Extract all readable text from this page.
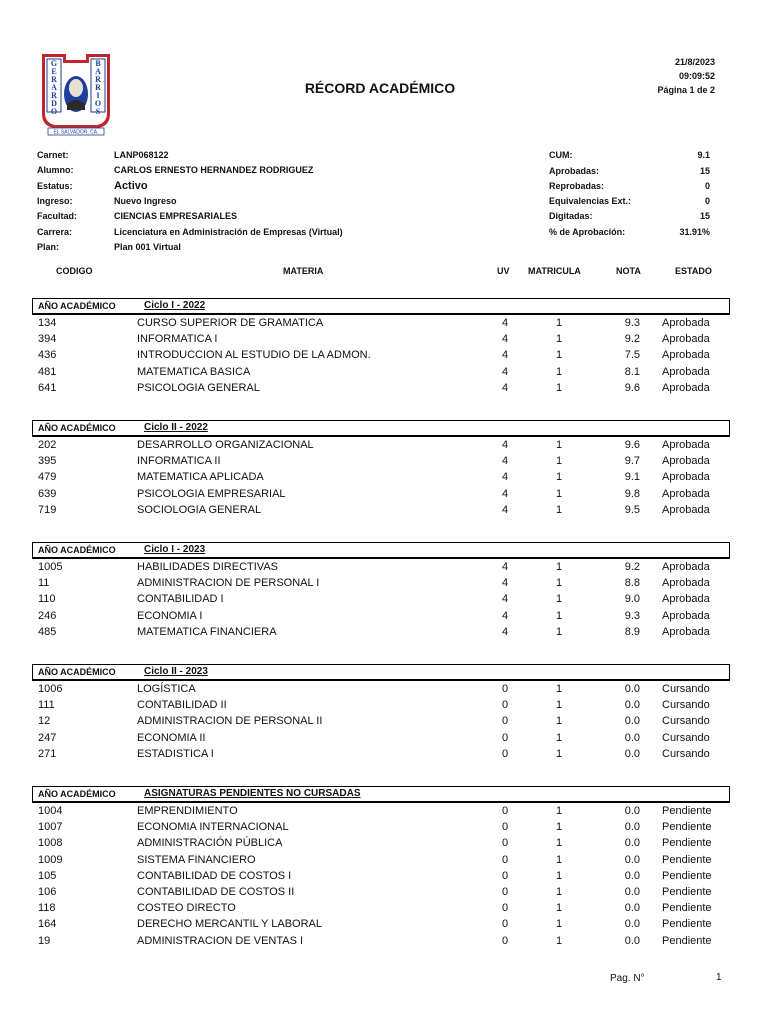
G
E
R
A
R
D
O
B
A
R
R
I
O
S
EL SALVADOR, CA.
RÉCORD ACADÉMICO
21/8/2023
09:09:52
Página 1 de 2
Carnet:	LANP068122
Alumno:	CARLOS ERNESTO HERNANDEZ RODRIGUEZ
Estatus:	Activo
Ingreso:	Nuevo Ingreso
Facultad:	CIENCIAS EMPRESARIALES
Carrera:	Licenciatura en Administración de Empresas (Virtual)
Plan:	Plan 001 Virtual
CUM:	9.1
Aprobadas:	15
Reprobadas:	0
Equivalencias Ext.:	0
Digitadas:	15
% de Aprobación:	31.91%
CODIGO	MATERIA	UV MATRICULA	NOTA	ESTADO
AÑO ACADÉMICO	Ciclo I - 2022
134	CURSO SUPERIOR DE GRAMATICA	4	1	9.3 Aprobada
394	INFORMATICA I	4	1	9.2 Aprobada
436	INTRODUCCION AL ESTUDIO DE LA ADMON.	4	1	7.5 Aprobada
481	MATEMATICA BASICA	4	1	8.1 Aprobada
641	PSICOLOGIA GENERAL	4	1	9.6 Aprobada
AÑO ACADÉMICO	Ciclo II - 2022
202	DESARROLLO ORGANIZACIONAL	4	1	9.6 Aprobada
395	INFORMATICA II	4	1	9.7 Aprobada
479	MATEMATICA APLICADA	4	1	9.1 Aprobada
639	PSICOLOGIA EMPRESARIAL	4	1	9.8 Aprobada
719	SOCIOLOGIA GENERAL	4	1	9.5 Aprobada
AÑO ACADÉMICO	Ciclo I - 2023
1005	HABILIDADES DIRECTIVAS	4	1	9.2 Aprobada
11	ADMINISTRACION DE PERSONAL I	4	1	8.8 Aprobada
110	CONTABILIDAD I	4	1	9.0 Aprobada
246	ECONOMIA I	4	1	9.3 Aprobada
485	MATEMATICA FINANCIERA	4	1	8.9 Aprobada
AÑO ACADÉMICO	Ciclo II - 2023
1006	LOGÍSTICA	0	1	0.0 Cursando
111	CONTABILIDAD II	0	1	0.0 Cursando
12	ADMINISTRACION DE PERSONAL II	0	1	0.0 Cursando
247	ECONOMIA II	0	1	0.0 Cursando
271	ESTADISTICA I	0	1	0.0 Cursando
AÑO ACADÉMICO	ASIGNATURAS PENDIENTES NO CURSADAS
1004	EMPRENDIMIENTO	0	1	0.0 Pendiente
1007	ECONOMIA INTERNACIONAL	0	1	0.0 Pendiente
1008	ADMINISTRACIÓN PÚBLICA	0	1	0.0 Pendiente
1009	SISTEMA FINANCIERO	0	1	0.0 Pendiente
105	CONTABILIDAD DE COSTOS I	0	1	0.0 Pendiente
106	CONTABILIDAD DE COSTOS II	0	1	0.0 Pendiente
118	COSTEO DIRECTO	0	1	0.0 Pendiente
164	DERECHO MERCANTIL Y LABORAL	0	1	0.0 Pendiente
19	ADMINISTRACION DE VENTAS I	0	1	0.0 Pendiente
Pag. N°	1
